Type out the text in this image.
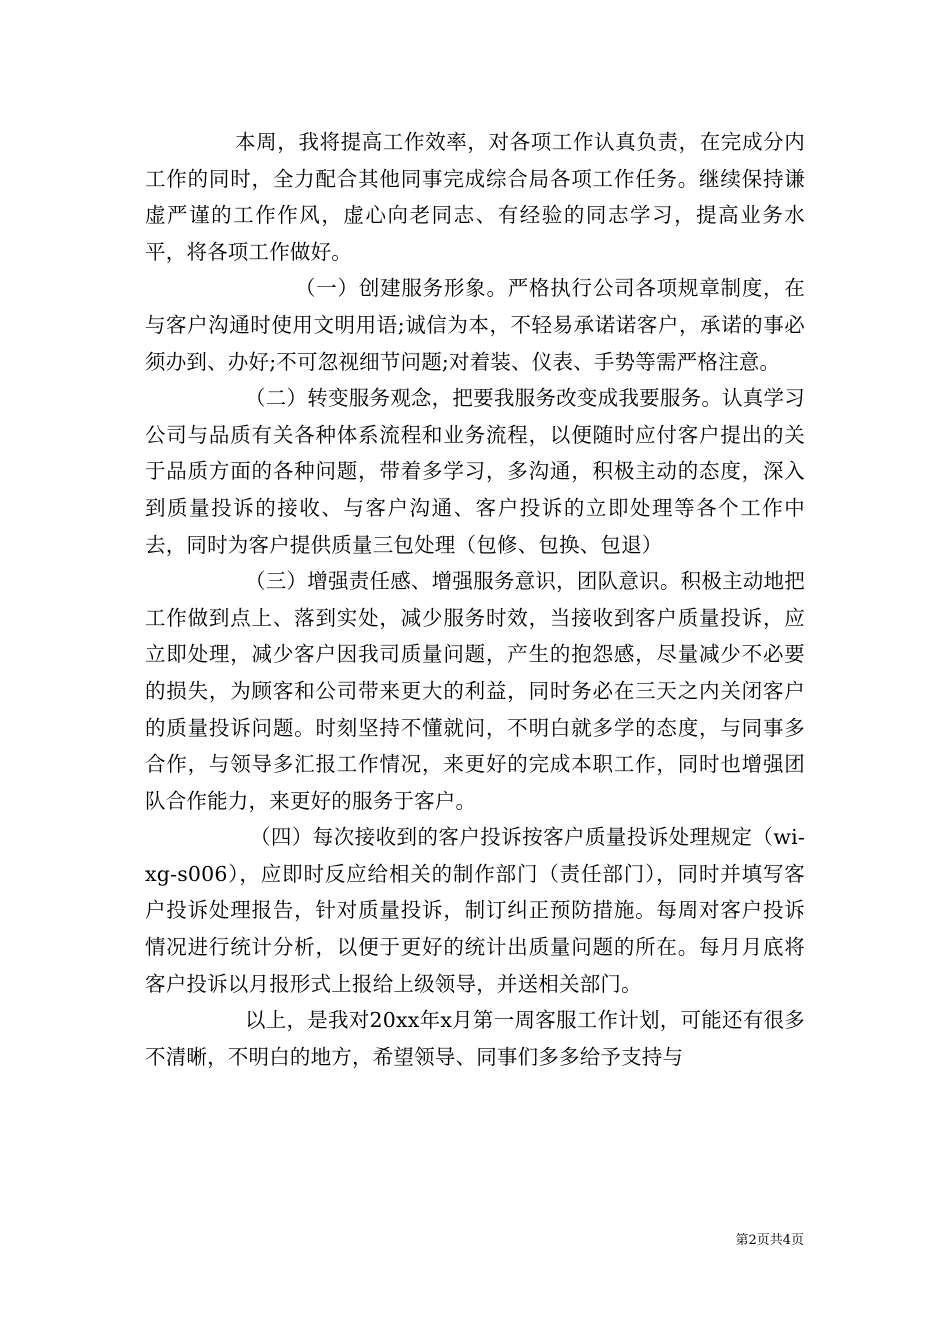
本周，我将提高工作效率，对各项工作认真负责，在完成分内工作的同时，全力配合其他同事完成综合局各项工作任务。继续保持谦虚严谨的工作作风，虚心向老同志、有经验的同志学习，提高业务水平，将各项工作做好。

（一）创建服务形象。严格执行公司各项规章制度，在与客户沟通时使用文明用语;诚信为本，不轻易承诺诺客户，承诺的事必须办到、办好;不可忽视细节问题;对着装、仪表、手势等需严格注意。

（二）转变服务观念，把要我服务改变成我要服务。认真学习公司与品质有关各种体系流程和业务流程，以便随时应付客户提出的关于品质方面的各种问题，带着多学习，多沟通，积极主动的态度，深入到质量投诉的接收、与客户沟通、客户投诉的立即处理等各个工作中去，同时为客户提供质量三包处理（包修、包换、包退）

（三）增强责任感、增强服务意识，团队意识。积极主动地把工作做到点上、落到实处，减少服务时效，当接收到客户质量投诉，应立即处理，减少客户因我司质量问题，产生的抱怨感，尽量减少不必要的损失，为顾客和公司带来更大的利益，同时务必在三天之内关闭客户的质量投诉问题。时刻坚持不懂就问，不明白就多学的态度，与同事多合作，与领导多汇报工作情况，来更好的完成本职工作，同时也增强团队合作能力，来更好的服务于客户。

（四）每次接收到的客户投诉按客户质量投诉处理规定（wi-xg-s006），应即时反应给相关的制作部门（责任部门），同时并填写客户投诉处理报告，针对质量投诉，制订纠正预防措施。每周对客户投诉情况进行统计分析，以便于更好的统计出质量问题的所在。每月月底将客户投诉以月报形式上报给上级领导，并送相关部门。

以上，是我对20xx年x月第一周客服工作计划，可能还有很多不清晰，不明白的地方，希望领导、同事们多多给予支持与

第2页共4页
